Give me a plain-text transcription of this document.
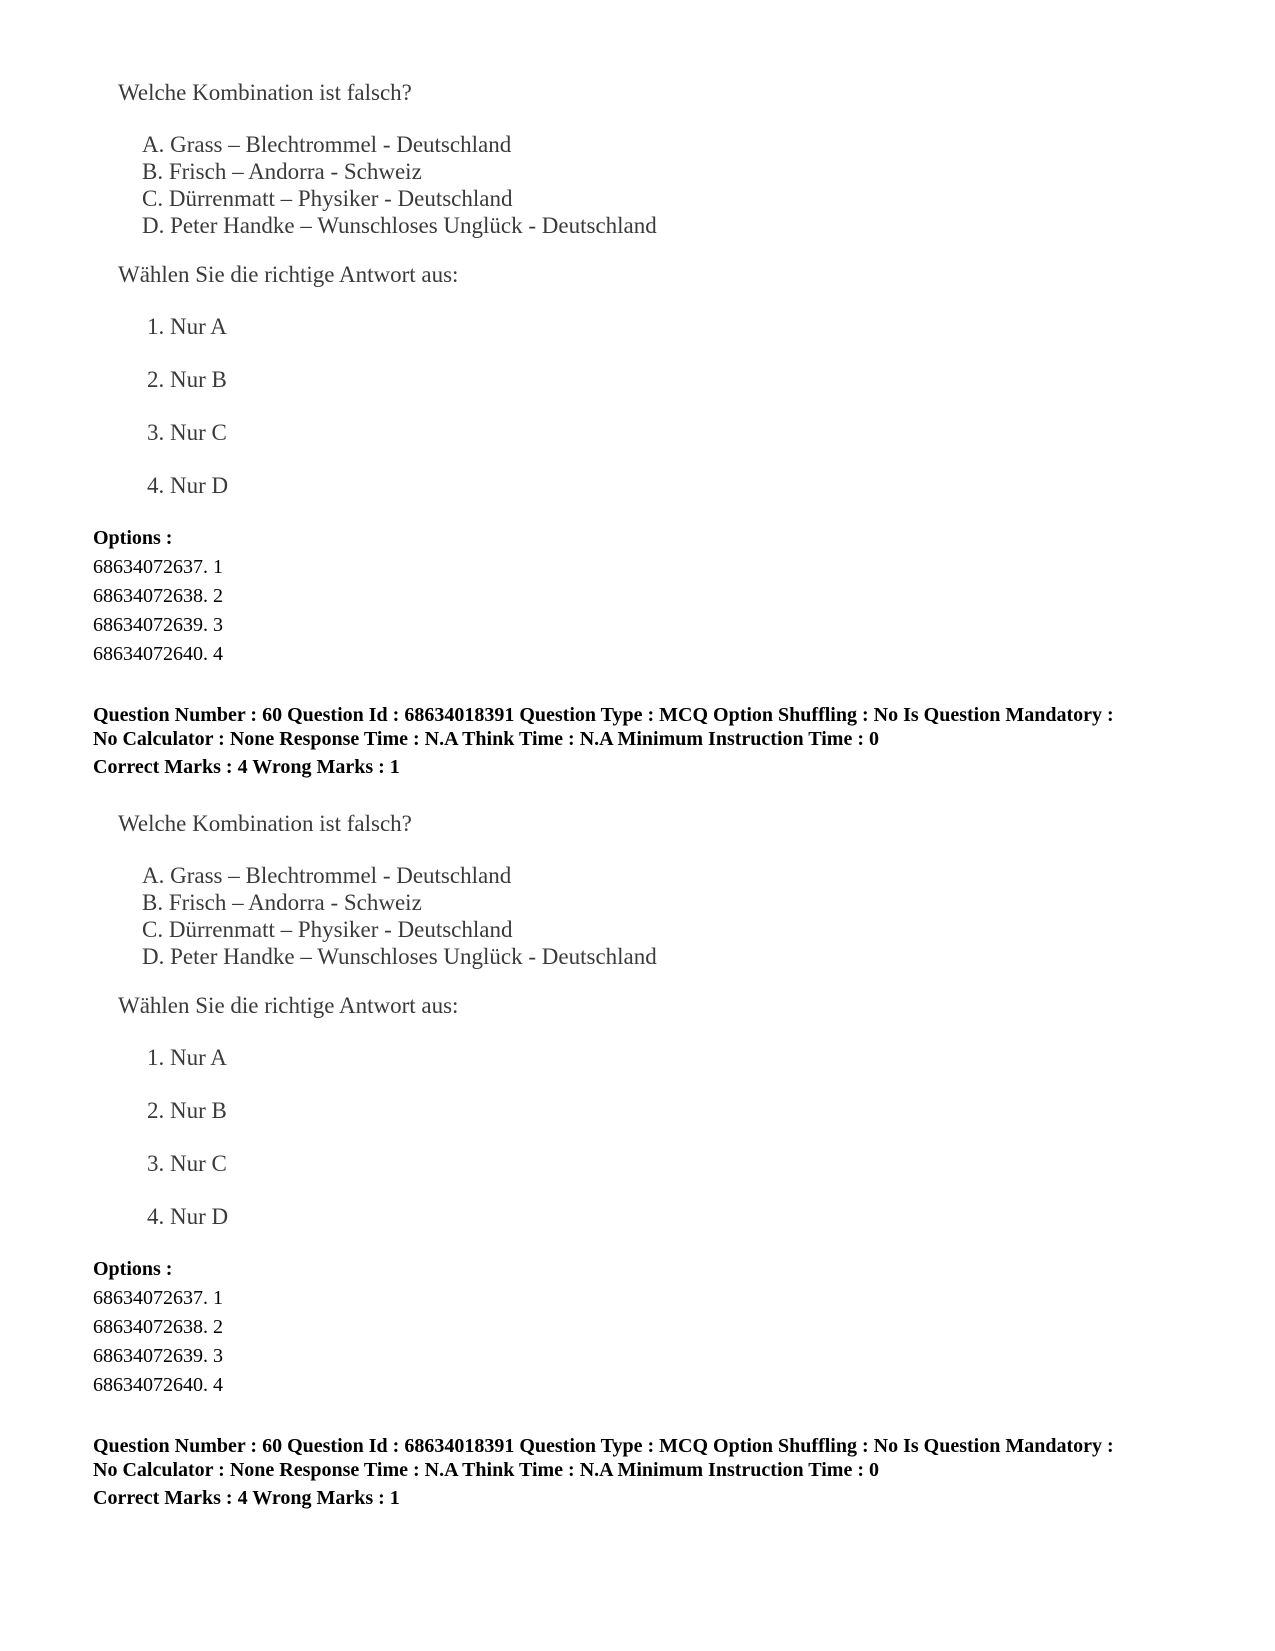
Welche Kombination ist falsch?
A. Grass – Blechtrommel - Deutschland
B. Frisch – Andorra - Schweiz
C. Dürrenmatt – Physiker - Deutschland
D. Peter Handke – Wunschloses Unglück - Deutschland
Wählen Sie die richtige Antwort aus:
1. Nur A
2. Nur B
3. Nur C
4. Nur D
Options :
68634072637. 1
68634072638. 2
68634072639. 3
68634072640. 4
Question Number : 60 Question Id : 68634018391 Question Type : MCQ Option Shuffling : No Is Question Mandatory :
No Calculator : None Response Time : N.A Think Time : N.A Minimum Instruction Time : 0
Correct Marks : 4 Wrong Marks : 1
Welche Kombination ist falsch?
A. Grass – Blechtrommel - Deutschland
B. Frisch – Andorra - Schweiz
C. Dürrenmatt – Physiker - Deutschland
D. Peter Handke – Wunschloses Unglück - Deutschland
Wählen Sie die richtige Antwort aus:
1. Nur A
2. Nur B
3. Nur C
4. Nur D
Options :
68634072637. 1
68634072638. 2
68634072639. 3
68634072640. 4
Question Number : 60 Question Id : 68634018391 Question Type : MCQ Option Shuffling : No Is Question Mandatory :
No Calculator : None Response Time : N.A Think Time : N.A Minimum Instruction Time : 0
Correct Marks : 4 Wrong Marks : 1
